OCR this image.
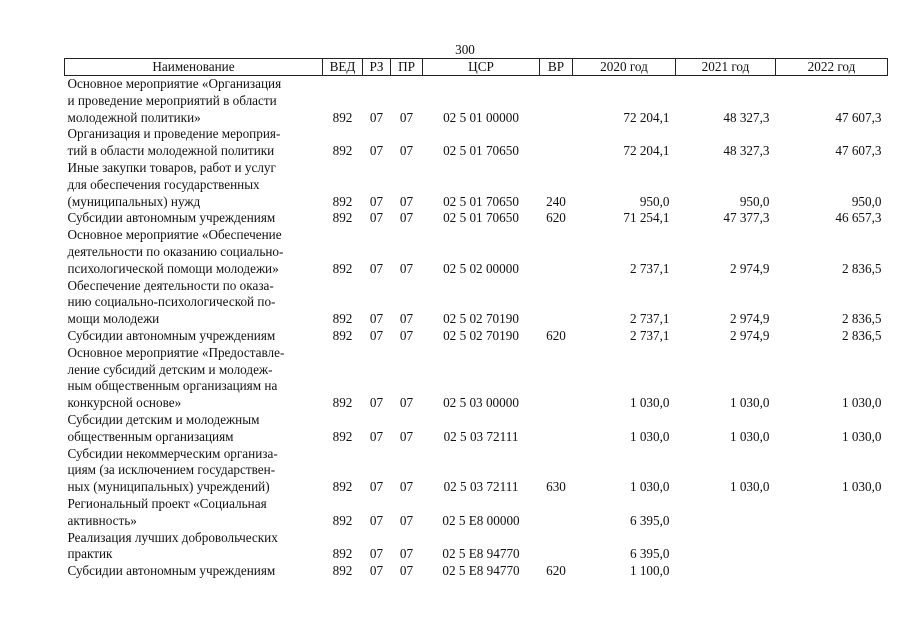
300
Наименование	ВЕД	РЗ	ПР	ЦСР	ВР	2020 год	2021 год	2022 год

Основное мероприятие «Организация
и проведение мероприятий в области
молодежной политики»	892	07	07	02 5 01 00000		72 204,1	48 327,3	47 607,3

Организация и проведение мероприя-
тий в области молодежной политики	892	07	07	02 5 01 70650		72 204,1	48 327,3	47 607,3

Иные закупки товаров, работ и услуг
для обеспечения государственных
(муниципальных) нужд	892	07	07	02 5 01 70650	240	950,0	950,0	950,0

Субсидии автономным учреждениям	892	07	07	02 5 01 70650	620	71 254,1	47 377,3	46 657,3

Основное мероприятие «Обеспечение
деятельности по оказанию социально-
психологической помощи молодежи»	892	07	07	02 5 02 00000		2 737,1	2 974,9	2 836,5

Обеспечение деятельности по оказа-
нию социально-психологической по-
мощи молодежи	892	07	07	02 5 02 70190		2 737,1	2 974,9	2 836,5

Субсидии автономным учреждениям	892	07	07	02 5 02 70190	620	2 737,1	2 974,9	2 836,5

Основное мероприятие «Предоставле-
ление субсидий детским и молодеж-
ным общественным организациям на
конкурсной основе»	892	07	07	02 5 03 00000		1 030,0	1 030,0	1 030,0

Субсидии детским и молодежным
общественным организациям	892	07	07	02 5 03 72111		1 030,0	1 030,0	1 030,0

Субсидии некоммерческим организа-
циям (за исключением государствен-
ных (муниципальных) учреждений)	892	07	07	02 5 03 72111	630	1 030,0	1 030,0	1 030,0

Региональный проект «Социальная
активность»	892	07	07	02 5 E8 00000		6 395,0		

Реализация лучших добровольческих
практик	892	07	07	02 5 E8 94770		6 395,0		

Субсидии автономным учреждениям	892	07	07	02 5 E8 94770	620	1 100,0		
